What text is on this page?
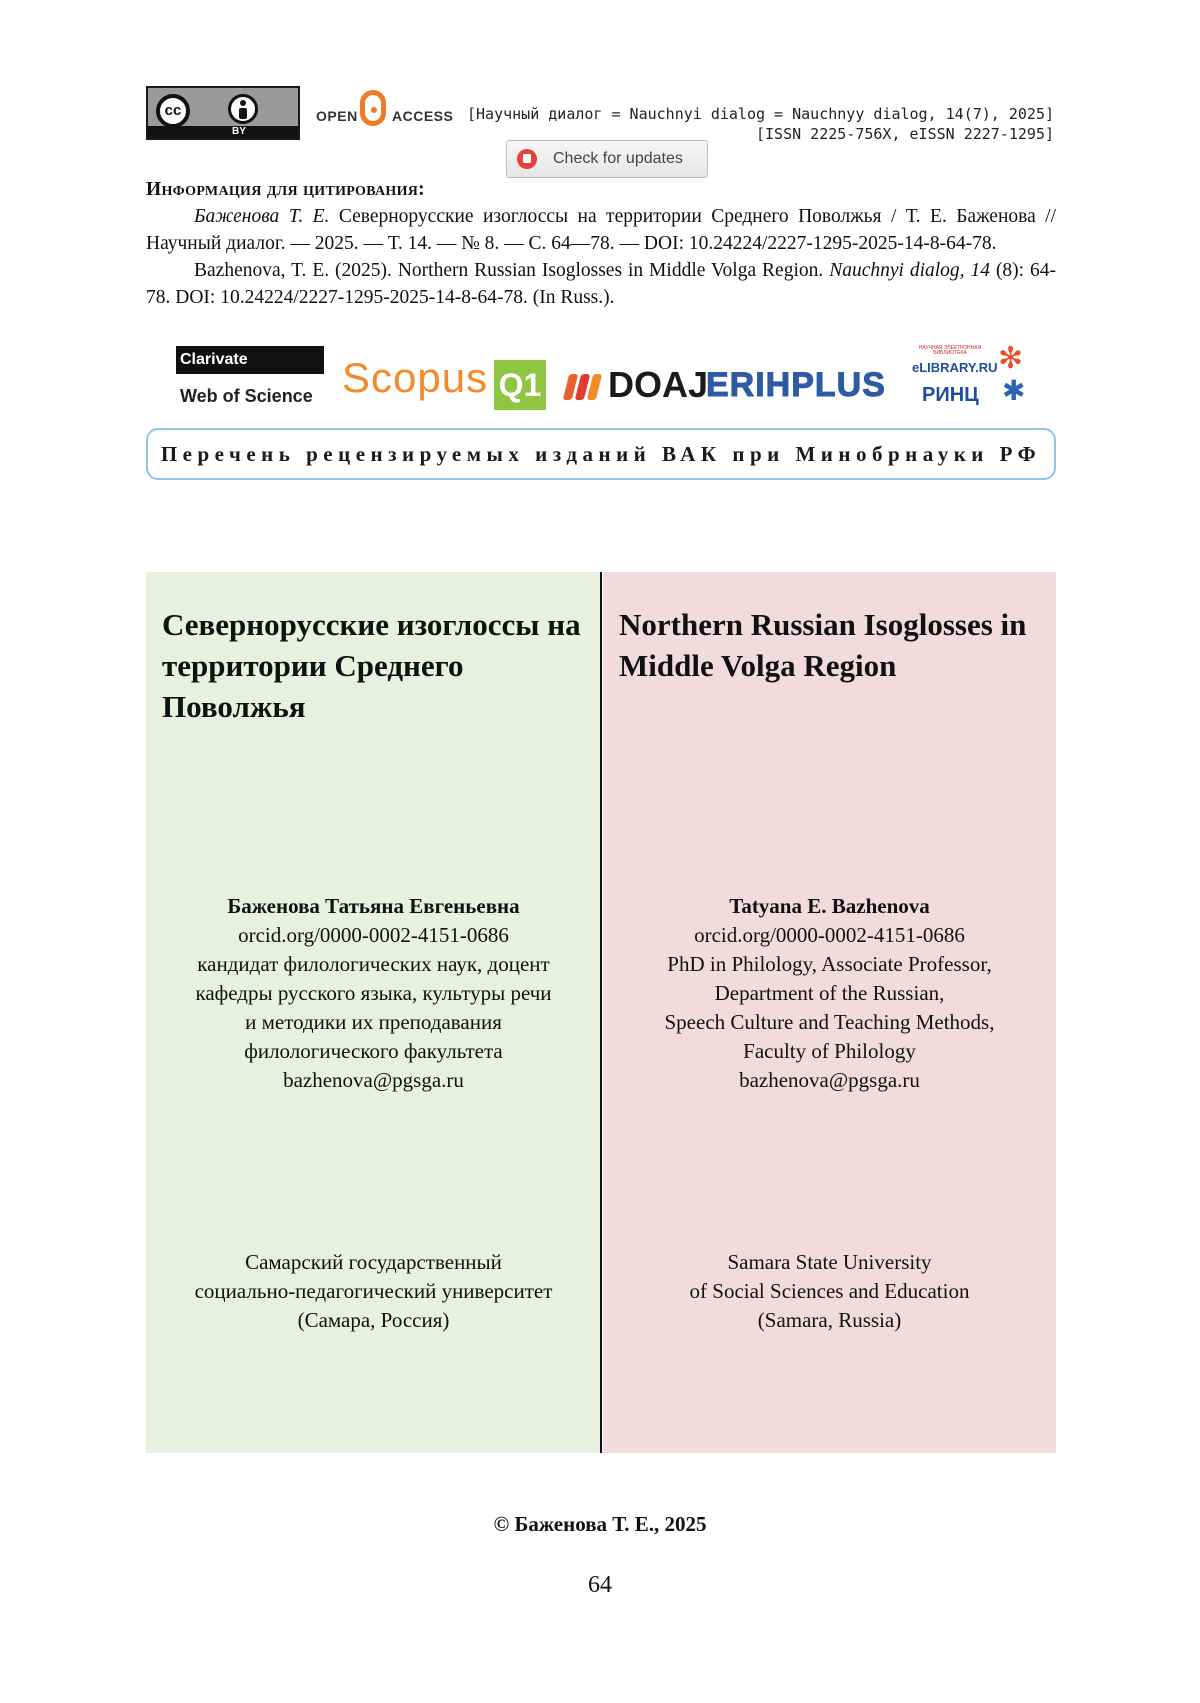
cc
BY
OPEN ACCESS [Научный диалог = Nauchnyi dialog = Nauchnyy dialog, 14(7), 2025]
[ISSN 2225-756X, eISSN 2227-1295]
Check for updates
Информация для цитирования:

Баженова Т. Е. Северноруcские изоглоссы на территории Среднего Поволжья / Т. Е. Баженова // Научный диалог. — 2025. — Т. 14. — № 8. — С. 64—78. — DOI: 10.24224/2227-1295-2025-14-8-64-78.

Bazhenova, T. E. (2025). Northern Russian Isoglosses in Middle Volga Region. Nauchnyi dialog, 14 (8): 64-78. DOI: 10.24224/2227-1295-2025-14-8-64-78. (In Russ.).

Clarivate
Web of Science Scopus Q1 DOAJ
ERIHPLUS
НАУЧНАЯ ЭЛЕКТРОННАЯ БИБЛИОТЕКА
eLIBRARY.RU
РИНЦ
✻
✱
Перечень рецензируемых изданий ВАК при Минобрнауки РФ
Северноруcские изоглоссы на территории Среднего Поволжья
Баженова Татьяна Евгеньевна
orcid.org/0000-0002-4151-0686
кандидат филологических наук, доцент
кафедры русского языка, культуры речи
и методики их преподавания
филологического факультета
bazhenova@pgsga.ru
Самарский государственный
социально-педагогический университет
(Самара, Россия)
Northern Russian Isoglosses in Middle Volga Region
Tatyana E. Bazhenova
orcid.org/0000-0002-4151-0686
PhD in Philology, Associate Professor,
Department of the Russian,
Speech Culture and Teaching Methods,
Faculty of Philology
bazhenova@pgsga.ru
Samara State University
of Social Sciences and Education
(Samara, Russia)
© Баженова Т. Е., 2025
64
